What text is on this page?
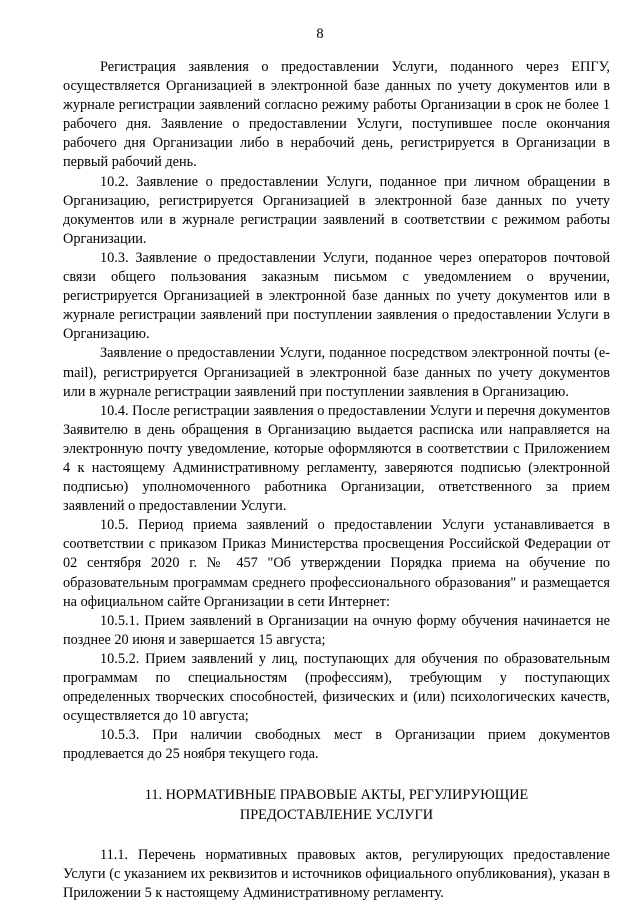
8

Регистрация заявления о предоставлении Услуги, поданного через ЕПГУ, осуществляется Организацией в электронной базе данных по учету документов или в журнале регистрации заявлений согласно режиму работы Организации в срок не более 1 рабочего дня. Заявление о предоставлении Услуги, поступившее после окончания рабочего дня Организации либо в нерабочий день, регистрируется в Организации в первый рабочий день.

10.2. Заявление о предоставлении Услуги, поданное при личном обращении в Организацию, регистрируется Организацией в электронной базе данных по учету документов или в журнале регистрации заявлений в соответствии с режимом работы Организации.

10.3. Заявление о предоставлении Услуги, поданное через операторов почтовой связи общего пользования заказным письмом с уведомлением о вручении, регистрируется Организацией в электронной базе данных по учету документов или в журнале регистрации заявлений при поступлении заявления о предоставлении Услуги в Организацию.

Заявление о предоставлении Услуги, поданное посредством электронной почты (e-mail), регистрируется Организацией в электронной базе данных по учету документов или в журнале регистрации заявлений при поступлении заявления в Организацию.

10.4. После регистрации заявления о предоставлении Услуги и перечня документов Заявителю в день обращения в Организацию выдается расписка или направляется на электронную почту уведомление, которые оформляются в соответствии с Приложением 4 к настоящему Административному регламенту, заверяются подписью (электронной подписью) уполномоченного работника Организации, ответственного за прием заявлений о предоставлении Услуги.

10.5. Период приема заявлений о предоставлении Услуги устанавливается в соответствии с приказом Приказ Министерства просвещения Российской Федерации от 02 сентября 2020 г. № 457 "Об утверждении Порядка приема на обучение по образовательным программам среднего профессионального образования" и размещается на официальном сайте Организации в сети Интернет:

10.5.1. Прием заявлений в Организации на очную форму обучения начинается не позднее 20 июня и завершается 15 августа;

10.5.2. Прием заявлений у лиц, поступающих для обучения по образовательным программам по специальностям (профессиям), требующим у поступающих определенных творческих способностей, физических и (или) психологических качеств, осуществляется до 10 августа;

10.5.3. При наличии свободных мест в Организации прием документов продлевается до 25 ноября текущего года.

11. НОРМАТИВНЫЕ ПРАВОВЫЕ АКТЫ, РЕГУЛИРУЮЩИЕ
ПРЕДОСТАВЛЕНИЕ УСЛУГИ

11.1. Перечень нормативных правовых актов, регулирующих предоставление Услуги (с указанием их реквизитов и источников официального опубликования), указан в Приложении 5 к настоящему Административному регламенту.
